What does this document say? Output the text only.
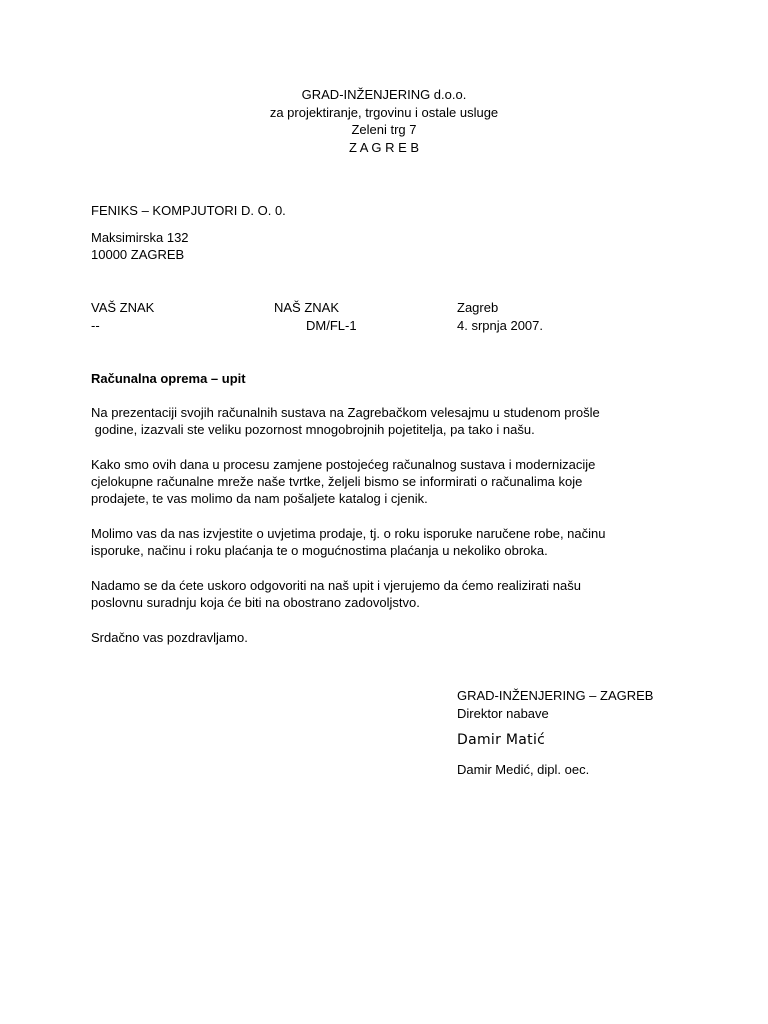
GRAD-INŽENJERING d.o.o.
za projektiranje, trgovinu i ostale usluge
Zeleni trg 7
Z A G R E B
FENIKS – KOMPJUTORI D. O. 0.
Maksimirska 132
10000 ZAGREB
VAŠ ZNAK
--
NAŠ ZNAK
DM/FL-1
Zagreb
4. srpnja 2007.
Računalna oprema – upit

Na prezentaciji svojih računalnih sustava na Zagrebačkom velesajmu u studenom prošle
godine, izazvali ste veliku pozornost mnogobrojnih pojetitelja, pa tako i našu.

Kako smo ovih dana u procesu zamjene postojećeg računalnog sustava i modernizacije
cjelokupne računalne mreže naše tvrtke, željeli bismo se informirati o računalima koje
prodajete, te vas molimo da nam pošaljete katalog i cjenik.

Molimo vas da nas izvjestite o uvjetima prodaje, tj. o roku isporuke naručene robe, načinu
isporuke, načinu i roku plaćanja te o mogućnostima plaćanja u nekoliko obroka.

Nadamo se da ćete uskoro odgovoriti na naš upit i vjerujemo da ćemo realizirati našu
poslovnu suradnju koja će biti na obostrano zadovoljstvo.

Srdačno vas pozdravljamo.

GRAD-INŽENJERING – ZAGREB
Direktor nabave
Damir Matić
Damir Medić, dipl. oec.
